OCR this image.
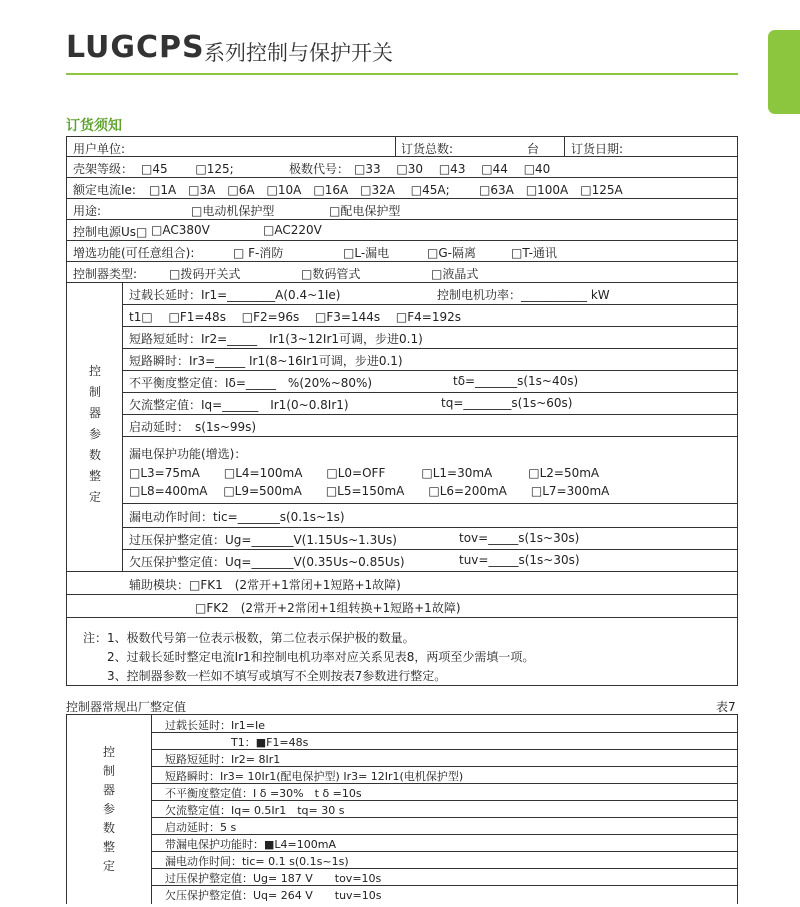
LUGCPS 系列控制与保护开关
订货须知
用户单位:	订货总数:	台	订货日期:
壳架等级： □45　　 □125;	极数代号： □33　 □30　 □43　 □44　 □40
额定电流Ie: □1A　□3A　□6A　□10A　□16A　□32A　 □45A; □63A　□100A　□125A
用途:	□电动机保护型	□配电保护型
控制电源Us□ □AC380V	□AC220V
增选功能(可任意组合):	□ F-消防	□L-漏电	□G-隔离	□T-通讯
控制器类型:	□拨码开关式	□数码管式	□液晶式
控
制
器
参
数
整
定
过载长延时：Ir1=________A(0.4~1Ie)	控制电机功率：___________ kW
t1□　 □F1=48s　 □F2=96s　 □F3=144s　 □F4=192s
短路短延时：Ir2=_____　Ir1(3~12Ir1可调，步进0.1)
短路瞬时：Ir3=_____ Ir1(8~16Ir1可调，步进0.1)
不平衡度整定值：Iδ=_____　%(20%~80%)	tδ=_______s(1s~40s)
欠流整定值：Iq=______　Ir1(0~0.8Ir1)	tq=________s(1s~60s)
启动延时：　s(1s~99s)
漏电保护功能(增选)：
□L3=75mA　　□L4=100mA　　□L0=OFF　　　□L1=30mA　　　□L2=50mA
□L8=400mA　 □L9=500mA　　□L5=150mA　　□L6=200mA　　□L7=300mA
漏电动作时间：tic=_______s(0.1s~1s)
过压保护整定值：Ug=_______V(1.15Us~1.3Us)	tov=_____s(1s~30s)
欠压保护整定值：Uq=_______V(0.35Us~0.85Us)	tuv=_____s(1s~30s)
辅助模块：□FK1　(2常开+1常闭+1短路+1故障)
□FK2　(2常开+2常闭+1组转换+1短路+1故障)
注：1、极数代号第一位表示极数，第二位表示保护极的数量。
2、过载长延时整定电流Ir1和控制电机功率对应关系见表8，两项至少需填一项。
3、控制器参数一栏如不填写或填写不全则按表7参数进行整定。
控制器常规出厂整定值	表7
控
制
器
参
数
整
定
过载长延时：Ir1=Ie
T1：■F1=48s
短路短延时：Ir2= 8Ir1
短路瞬时：Ir3= 10Ir1(配电保护型) Ir3= 12Ir1(电机保护型)
不平衡度整定值：I δ =30%　t δ =10s
欠流整定值：Iq= 0.5Ir1　tq= 30 s
启动延时：5 s
带漏电保护功能时：■L4=100mA
漏电动作时间：tic= 0.1 s(0.1s~1s)
过压保护整定值：Ug= 187 V　　tov=10s
欠压保护整定值：Uq= 264 V　　tuv=10s
